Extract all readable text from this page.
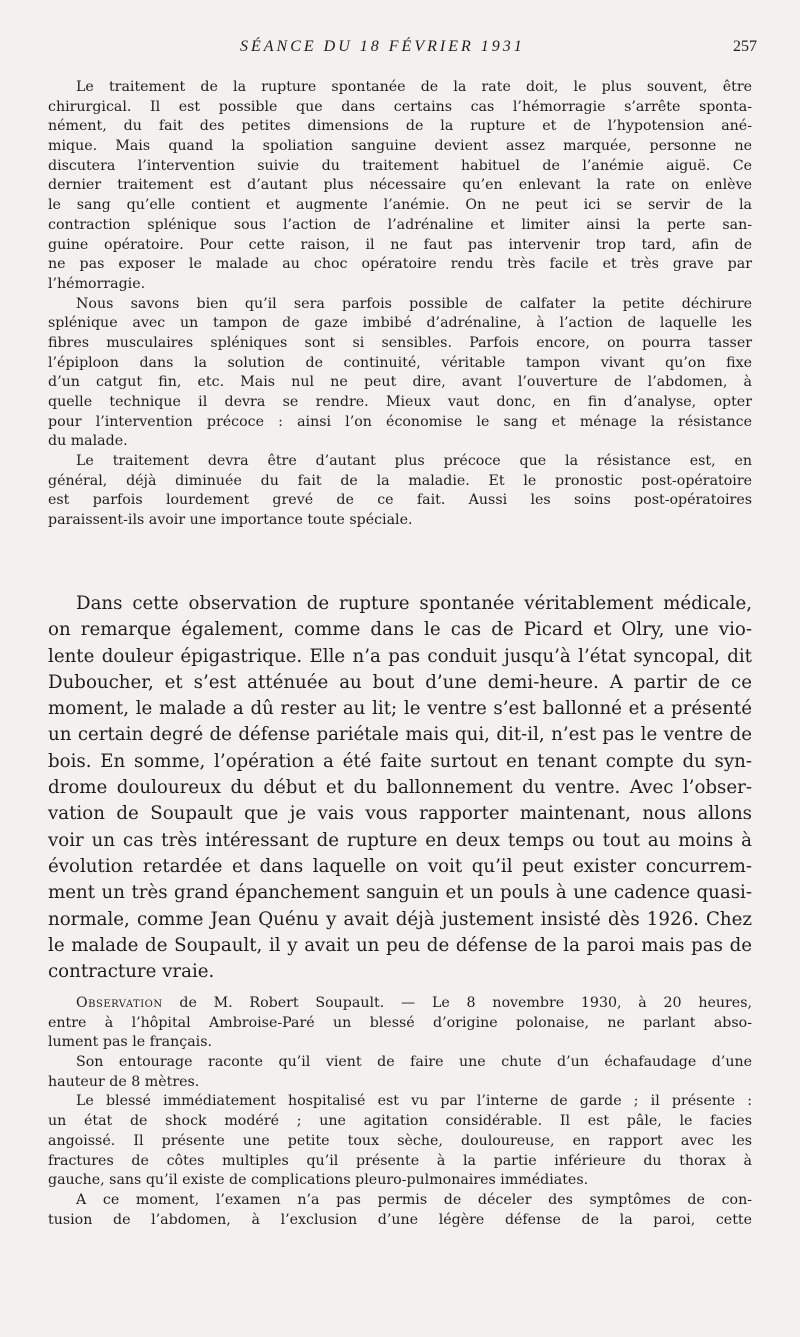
SÉANCE DU 18 FÉVRIER 1931	257
Le traitement de la rupture spontanée de la rate doit, le plus souvent, être
chirurgical. Il est possible que dans certains cas l’hémorragie s’arrête sponta-
nément, du fait des petites dimensions de la rupture et de l’hypotension ané-
mique. Mais quand la spoliation sanguine devient assez marquée, personne ne
discutera l’intervention suivie du traitement habituel de l’anémie aiguë. Ce
dernier traitement est d’autant plus nécessaire qu’en enlevant la rate on enlève
le sang qu’elle contient et augmente l’anémie. On ne peut ici se servir de la
contraction splénique sous l’action de l’adrénaline et limiter ainsi la perte san-
guine opératoire. Pour cette raison, il ne faut pas intervenir trop tard, afin de
ne pas exposer le malade au choc opératoire rendu très facile et très grave par
l’hémorragie.
Nous savons bien qu’il sera parfois possible de calfater la petite déchirure
splénique avec un tampon de gaze imbibé d’adrénaline, à l’action de laquelle les
fibres musculaires spléniques sont si sensibles. Parfois encore, on pourra tasser
l’épiploon dans la solution de continuité, véritable tampon vivant qu’on fixe
d’un catgut fin, etc. Mais nul ne peut dire, avant l’ouverture de l’abdomen, à
quelle technique il devra se rendre. Mieux vaut donc, en fin d’analyse, opter
pour l’intervention précoce : ainsi l’on économise le sang et ménage la résistance
du malade.
Le traitement devra être d’autant plus précoce que la résistance est, en
général, déjà diminuée du fait de la maladie. Et le pronostic post-opératoire
est parfois lourdement grevé de ce fait. Aussi les soins post-opératoires
paraissent-ils avoir une importance toute spéciale.
Dans cette observation de rupture spontanée véritablement médicale,
on remarque également, comme dans le cas de Picard et Olry, une vio-
lente douleur épigastrique. Elle n’a pas conduit jusqu’à l’état syncopal, dit
Duboucher, et s’est atténuée au bout d’une demi-heure. A partir de ce
moment, le malade a dû rester au lit; le ventre s’est ballonné et a présenté
un certain degré de défense pariétale mais qui, dit-il, n’est pas le ventre de
bois. En somme, l’opération a été faite surtout en tenant compte du syn-
drome douloureux du début et du ballonnement du ventre. Avec l’obser-
vation de Soupault que je vais vous rapporter maintenant, nous allons
voir un cas très intéressant de rupture en deux temps ou tout au moins à
évolution retardée et dans laquelle on voit qu’il peut exister concurrem-
ment un très grand épanchement sanguin et un pouls à une cadence quasi-
normale, comme Jean Quénu y avait déjà justement insisté dès 1926. Chez
le malade de Soupault, il y avait un peu de défense de la paroi mais pas de
contracture vraie.
Observation de M. Robert Soupault. — Le 8 novembre 1930, à 20 heures,
entre à l’hôpital Ambroise-Paré un blessé d’origine polonaise, ne parlant abso-
lument pas le français.
Son entourage raconte qu’il vient de faire une chute d’un échafaudage d’une
hauteur de 8 mètres.
Le blessé immédiatement hospitalisé est vu par l’interne de garde ; il présente :
un état de shock modéré ; une agitation considérable. Il est pâle, le facies
angoissé. Il présente une petite toux sèche, douloureuse, en rapport avec les
fractures de côtes multiples qu’il présente à la partie inférieure du thorax à
gauche, sans qu’il existe de complications pleuro-pulmonaires immédiates.
A ce moment, l’examen n’a pas permis de déceler des symptômes de con-
tusion de l’abdomen, à l’exclusion d’une légère défense de la paroi, cette
